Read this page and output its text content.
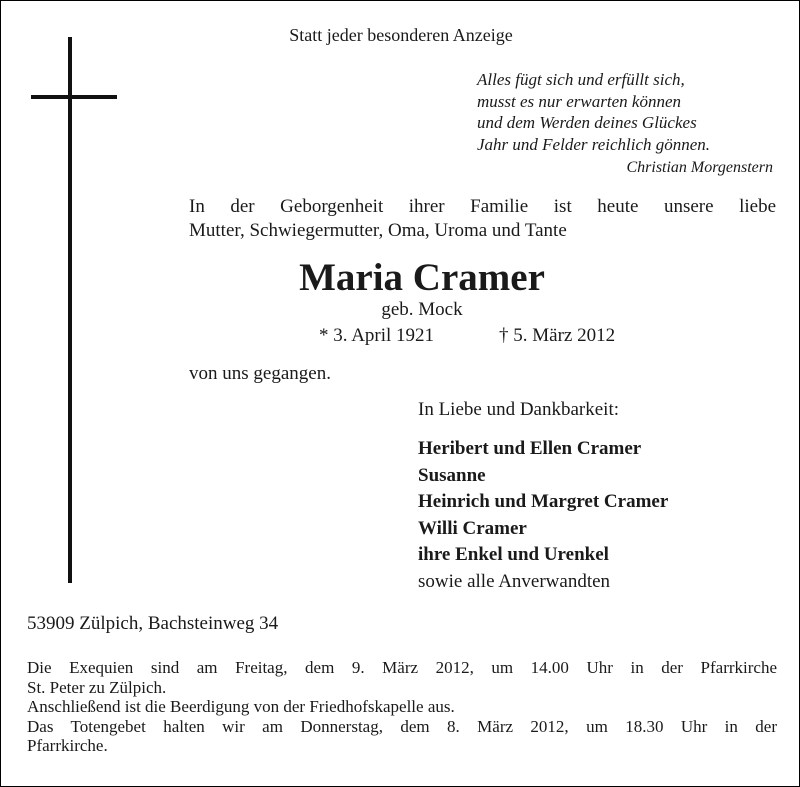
Statt jeder besonderen Anzeige
Alles fügt sich und erfüllt sich,
musst es nur erwarten können
und dem Werden deines Glückes
Jahr und Felder reichlich gönnen.
Christian Morgenstern
In der Geborgenheit ihrer Familie ist heute unsere liebe
Mutter, Schwiegermutter, Oma, Uroma und Tante
Maria Cramer
geb. Mock
* 3. April 1921	† 5. März 2012
von uns gegangen.
In Liebe und Dankbarkeit:
Heribert und Ellen Cramer
Susanne
Heinrich und Margret Cramer
Willi Cramer
ihre Enkel und Urenkel
sowie alle Anverwandten
53909 Zülpich, Bachsteinweg 34
Die Exequien sind am Freitag, dem 9. März 2012, um 14.00 Uhr in der Pfarrkirche
St. Peter zu Zülpich.
Anschließend ist die Beerdigung von der Friedhofskapelle aus.
Das Totengebet halten wir am Donnerstag, dem 8. März 2012, um 18.30 Uhr in der
Pfarrkirche.
